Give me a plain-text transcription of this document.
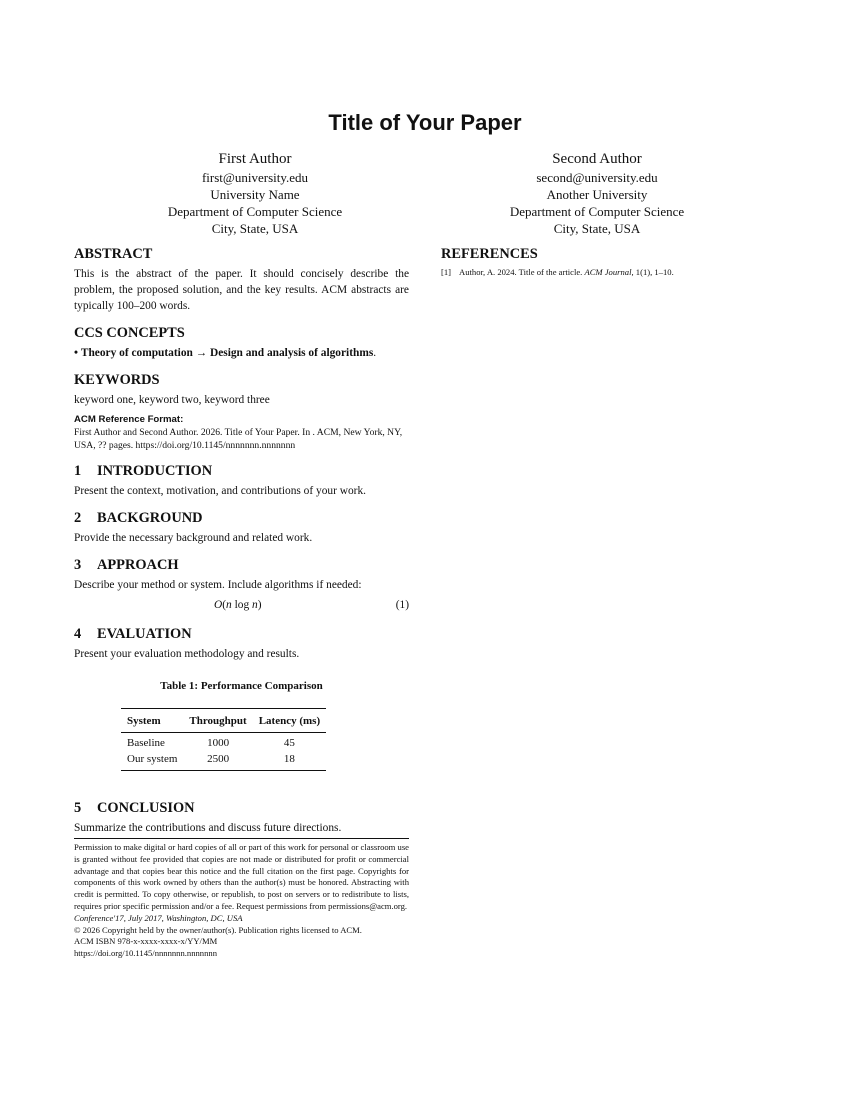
Title of Your Paper
First Author
first@university.edu
University Name
Department of Computer Science
City, State, USA
Second Author
second@university.edu
Another University
Department of Computer Science
City, State, USA
ABSTRACT

This is the abstract of the paper. It should concisely describe the problem, the proposed solution, and the key results. ACM abstracts are typically 100–200 words.

CCS CONCEPTS

• Theory of computation → Design and analysis of algorithms.

KEYWORDS

keyword one, keyword two, keyword three

ACM Reference Format:

First Author and Second Author. 2026. Title of Your Paper. In . ACM, New York, NY, USA, ?? pages. https://doi.org/10.1145/nnnnnnn.nnnnnnn

1 INTRODUCTION

Present the context, motivation, and contributions of your work.

2 BACKGROUND

Provide the necessary background and related work.

3 APPROACH

Describe your method or system. Include algorithms if needed:

O(n log n)	(1)
4 EVALUATION

Present your evaluation methodology and results.

Table 1: Performance Comparison
System	Throughput	Latency (ms)
Baseline	1000	45
Our system	2500	18
5 CONCLUSION

Summarize the contributions and discuss future directions.

Permission to make digital or hard copies of all or part of this work for personal or classroom use is granted without fee provided that copies are not made or distributed for profit or commercial advantage and that copies bear this notice and the full citation on the first page. Copyrights for components of this work owned by others than the author(s) must be honored. Abstracting with credit is permitted. To copy otherwise, or republish, to post on servers or to redistribute to lists, requires prior specific permission and/or a fee. Request permissions from permissions@acm.org.
Conference'17, July 2017, Washington, DC, USA
© 2026 Copyright held by the owner/author(s). Publication rights licensed to ACM.
ACM ISBN 978-x-xxxx-xxxx-x/YY/MM
https://doi.org/10.1145/nnnnnnn.nnnnnnn
REFERENCES
[1] Author, A. 2024. Title of the article. ACM Journal, 1(1), 1–10.
